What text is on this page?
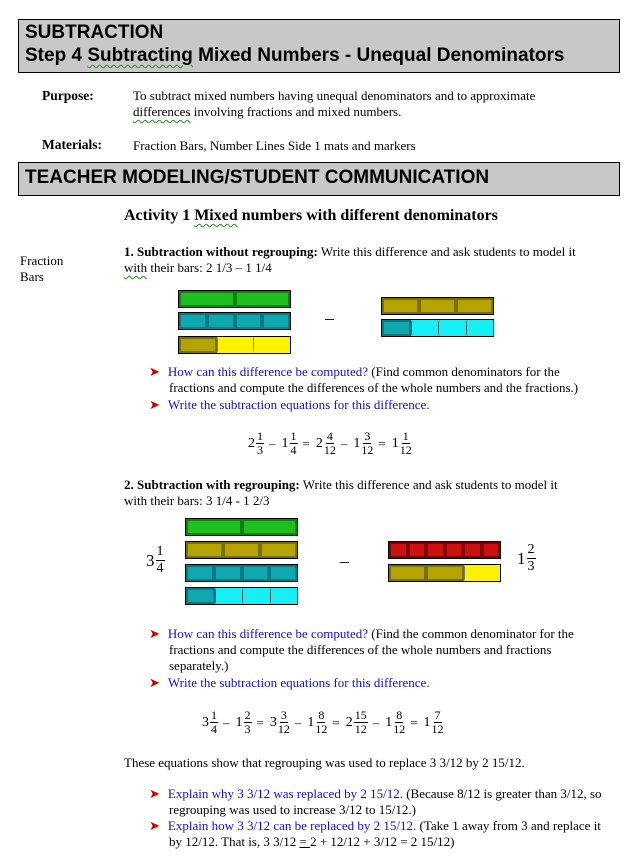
SUBTRACTION
Step 4 Subtracting Mixed Numbers - Unequal Denominators
Purpose:	To subtract mixed numbers having unequal denominators and to approximate
differences involving fractions and mixed numbers.
Materials: Fraction Bars, Number Lines Side 1 mats and markers
TEACHER MODELING/STUDENT COMMUNICATION
Activity 1 Mixed numbers with different denominators
Fraction
Bars
1. Subtraction without regrouping: Write this difference and ask students to model it
with their bars: 2 1/3 – 1 1/4
–
➤ How can this difference be computed? (Find common denominators for the
fractions and compute the differences of the whole numbers and the fractions.)
➤ Write the subtraction equations for this difference.
$2 \frac{1}{3} - 1 \frac{1}{4} = 2 \frac{4}{12} - 1 \frac{3}{12} = 1 \frac{1}{12}$
2. Subtraction with regrouping: Write this difference and ask students to model it
with their bars: 3 1/4 - 1 2/3
$3 \frac{1}{4}$	–	$1 \frac{2}{3}$
➤ How can this difference be computed? (Find the common denominator for the
fractions and compute the differences of the whole numbers and fractions
separately.)
➤ Write the subtraction equations for this difference.
$3 \frac{1}{4} - 1 \frac{2}{3} = 3 \frac{3}{12} - 1 \frac{8}{12} = 2 \frac{15}{12} - 1 \frac{8}{12} = 1 \frac{7}{12}$
These equations show that regrouping was used to replace 3 3/12 by 2 15/12.
➤ Explain why 3 3/12 was replaced by 2 15/12. (Because 8/12 is greater than 3/12, so
regrouping was used to increase 3/12 to 15/12.)
➤ Explain how 3 3/12 can be replaced by 2 15/12. (Take 1 away from 3 and replace it
by 12/12. That is, 3 3/12 = 2 + 12/12 + 3/12 = 2 15/12)
